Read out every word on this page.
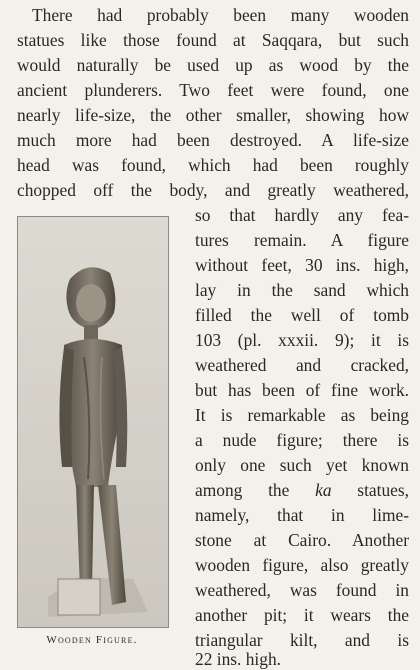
There had probably been many wooden
statues like those found at Saqqara, but such
would naturally be used up as wood by the
ancient plunderers. Two feet were found, one
nearly life-size, the other smaller, showing how
much more had been destroyed. A life-size
head was found, which had been roughly
chopped off the body, and greatly weathered,
so that hardly any fea-
tures remain. A figure
without feet, 30 ins. high,
lay in the sand which
filled the well of tomb
103 (pl. xxxii. 9); it is
weathered and cracked,
but has been of fine work.
It is remarkable as being
a nude figure; there is
only one such yet known
among the ka statues,
namely, that in lime-
stone at Cairo. Another
wooden figure, also greatly
weathered, was found in
another pit; it wears the
triangular kilt, and is
22 ins. high.
Wooden Figure.
